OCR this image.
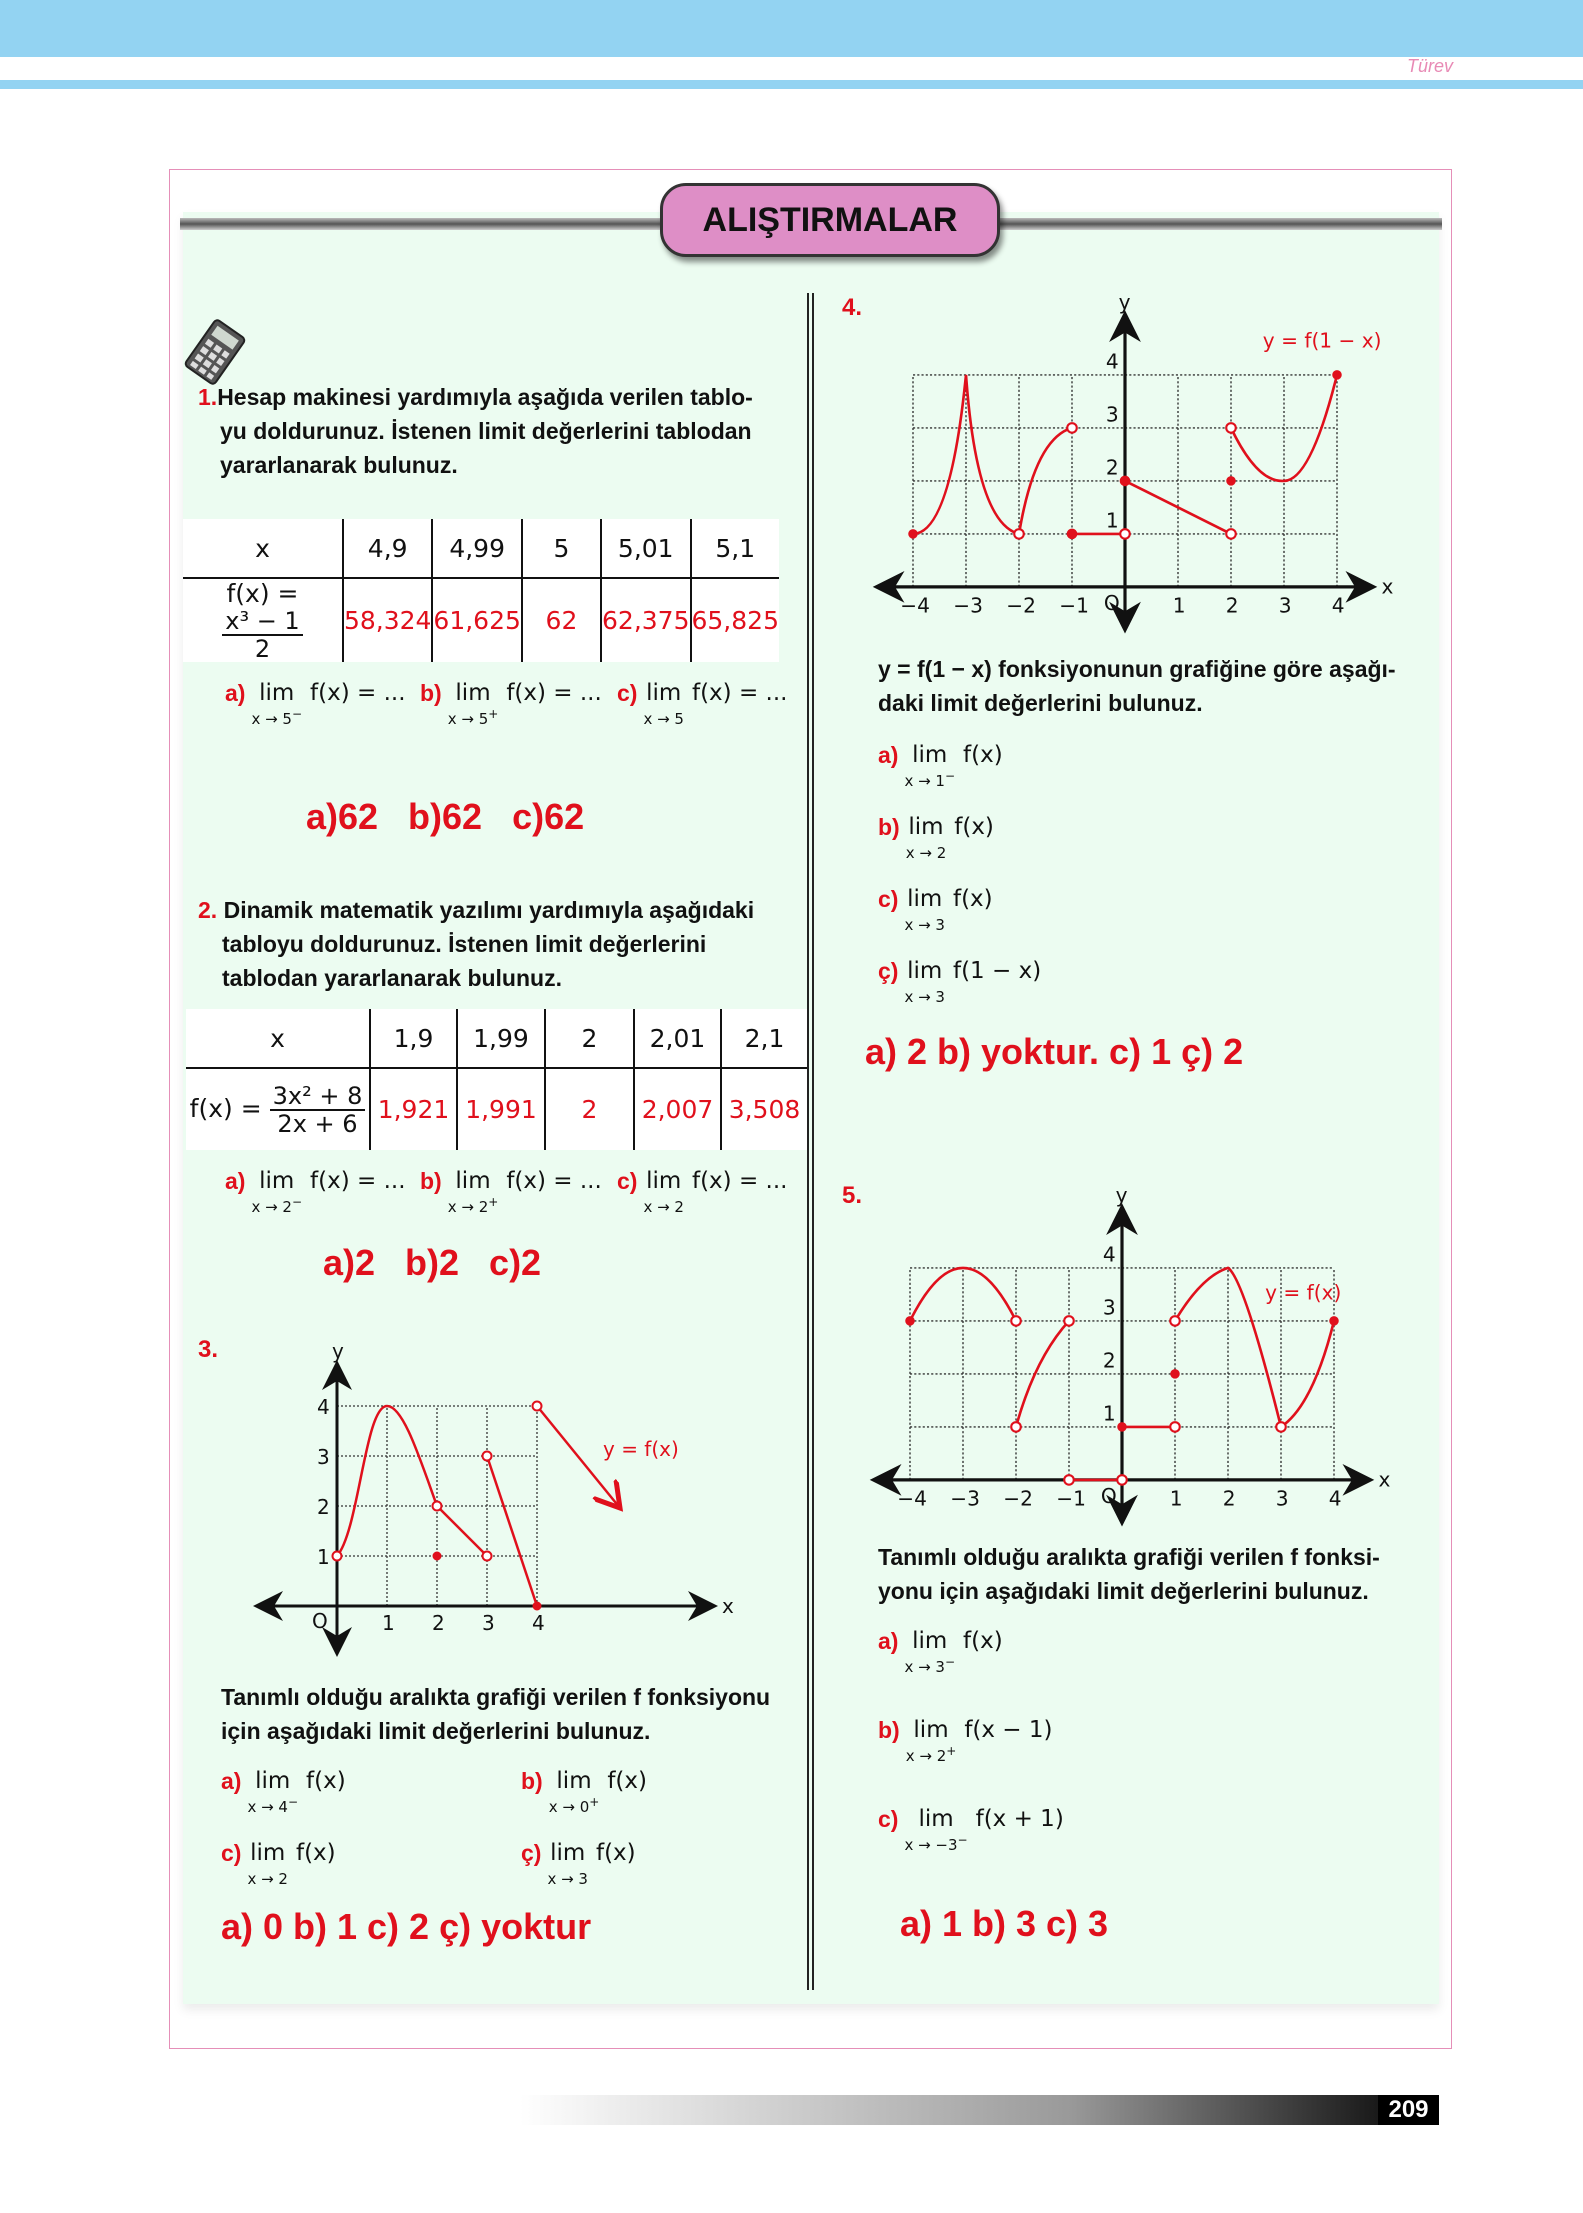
Türev
ALIŞTIRMALAR
1.Hesap makinesi yardımıyla aşağıda verilen tablo-
yu doldurunuz. İstenen limit değerlerini tablodan
yararlanarak bulunuz.
x	4,9	4,99	5	5,01	5,1
f(x) =
$\frac{\text{x³ − 1}}{2}$	58,324	61,625	62	62,375	65,825
a) lim
x → 5−
f(x) = ... b) lim
x → 5+
f(x) = ... c) lim
x → 5
f(x) = ...
a)62   b)62   c)62
2. Dinamik matematik yazılımı yardımıyla aşağıdaki
tabloyu doldurunuz. İstenen limit değerlerini
tablodan yararlanarak bulunuz.
x	1,9	1,99	2	2,01	2,1
$f(x) = \frac{\text{3x² + 8}}{2x + 6}$	1,921	1,991	2	2,007	3,508
a) lim
x → 2−
f(x) = ... b) lim
x → 2+
f(x) = ... c) lim
x → 2
f(x) = ...
a)2   b)2   c)2
3.	y
x
O	1 2 3 4
1
2
3
4
y = f(x)
Tanımlı olduğu aralıkta grafiği verilen f fonksiyonu
için aşağıdaki limit değerlerini bulunuz.
a) lim
x → 4−
f(x)	b) lim
x → 0+
f(x)
c) lim
x → 2
f(x)	ç) lim
x → 3
f(x)
a) 0 b) 1 c) 2 ç) yoktur
4.	y
x
O
−4 −3 −2 −1	1 2 3 4
1
2
3
4
y = f(1 − x)
y = f(1 − x) fonksiyonunun grafiğine göre aşağı-
daki limit değerlerini bulunuz.
a) lim
x → 1−
f(x)
b) lim
x → 2
f(x)
c) lim
x → 3
f(x)
ç) lim
x → 3
f(1 − x)
a) 2 b) yoktur. c) 1 ç) 2
5.	y
x
O
−4 −3 −2 −1	1 2 3 4
1
2
3
4
y = f(x)
Tanımlı olduğu aralıkta grafiği verilen f fonksi-
yonu için aşağıdaki limit değerlerini bulunuz.
a) lim
x → 3−
f(x)
b) lim
x → 2+
f(x − 1)
c) lim
x → −3−
f(x + 1)
a) 1 b) 3 c) 3
209
